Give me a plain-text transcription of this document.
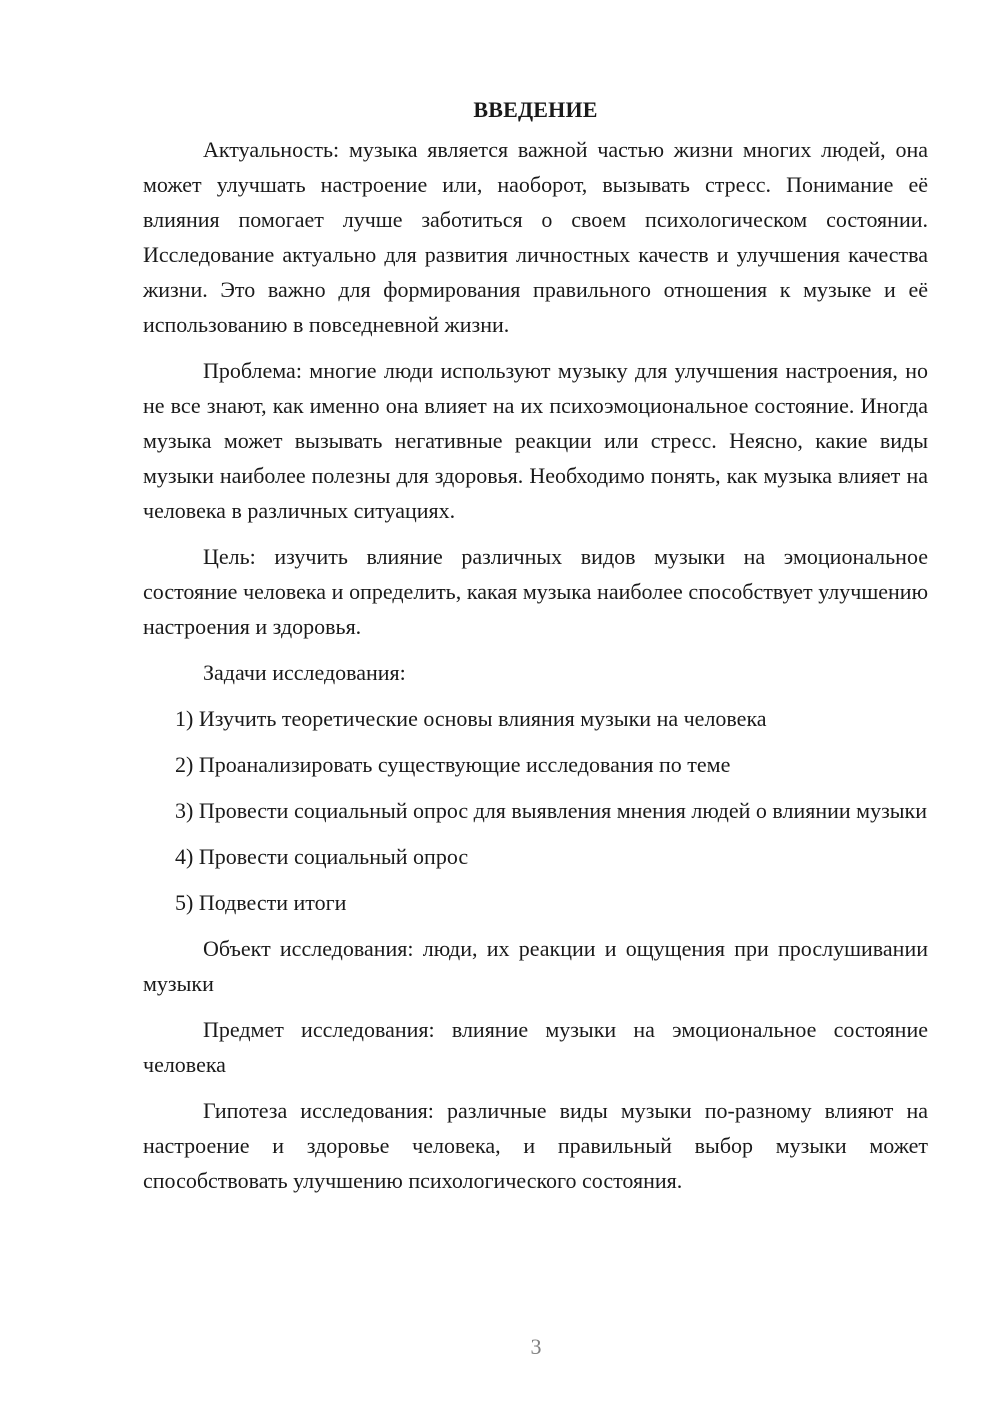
ВВЕДЕНИЕ

Актуальность: музыка является важной частью жизни многих людей, она может улучшать настроение или, наоборот, вызывать стресс. Понимание её влияния помогает лучше заботиться о своем психологическом состоянии. Исследование актуально для развития личностных качеств и улучшения качества жизни. Это важно для формирования правильного отношения к музыке и её использованию в повседневной жизни.

Проблема: многие люди используют музыку для улучшения настроения, но не все знают, как именно она влияет на их психоэмоциональное состояние. Иногда музыка может вызывать негативные реакции или стресс. Неясно, какие виды музыки наиболее полезны для здоровья. Необходимо понять, как музыка влияет на человека в различных ситуациях.

Цель: изучить влияние различных видов музыки на эмоциональное состояние человека и определить, какая музыка наиболее способствует улучшению настроения и здоровья.

Задачи исследования:

1) Изучить теоретические основы влияния музыки на человека

2) Проанализировать существующие исследования по теме

3) Провести социальный опрос для выявления мнения людей о влиянии музыки

4) Провести социальный опрос

5) Подвести итоги

Объект исследования: люди, их реакции и ощущения при прослушивании музыки

Предмет исследования: влияние музыки на эмоциональное состояние человека

Гипотеза исследования: различные виды музыки по-разному влияют на настроение и здоровье человека, и правильный выбор музыки может способствовать улучшению психологического состояния.

3
